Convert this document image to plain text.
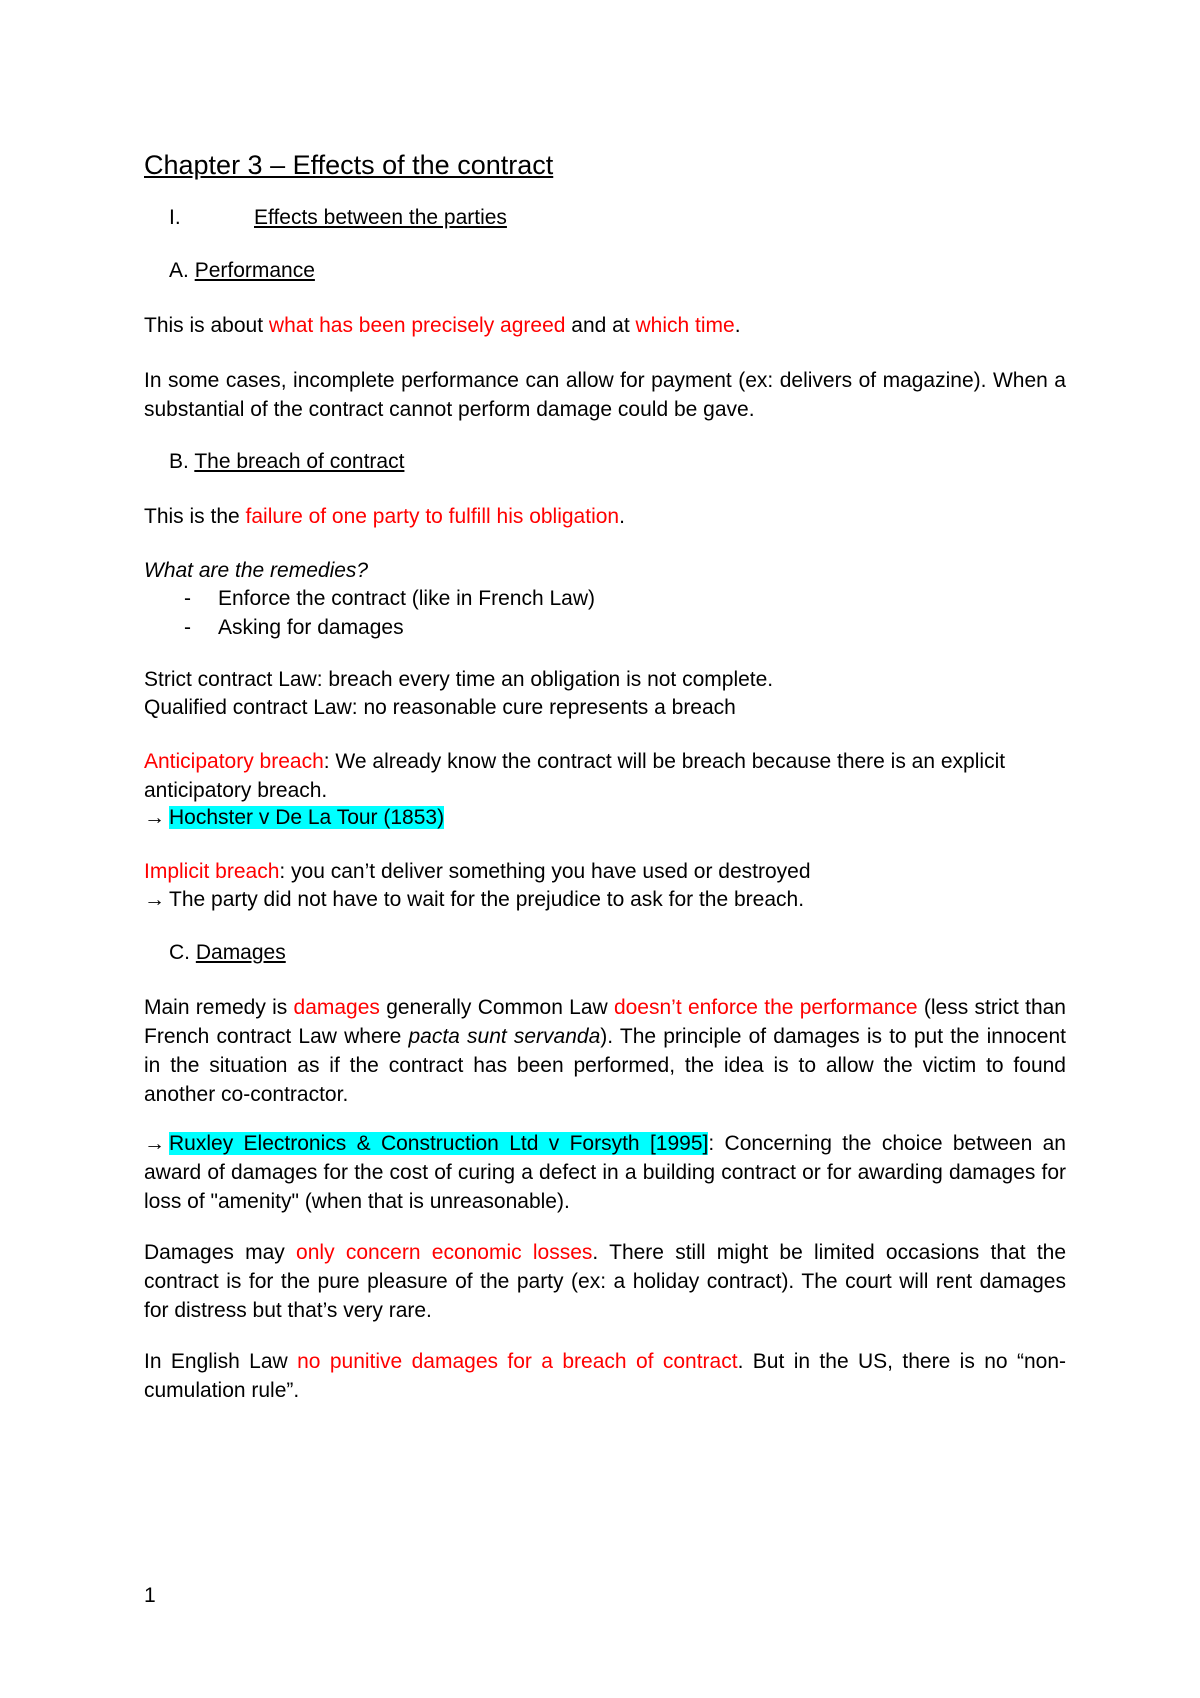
Chapter 3 – Effects of the contract
I.	Effects between the parties
A. Performance

This is about what has been precisely agreed and at which time.

In some cases, incomplete performance can allow for payment (ex: delivers of magazine). When a substantial of the contract cannot perform damage could be gave.

B. The breach of contract

This is the failure of one party to fulfill his obligation.

What are the remedies?

- Enforce the contract (like in French Law)
- Asking for damages

Strict contract Law: breach every time an obligation is not complete.

Qualified contract Law: no reasonable cure represents a breach

Anticipatory breach: We already know the contract will be breach because there is an explicit anticipatory breach.

→ Hochster v De La Tour (1853)

Implicit breach: you can’t deliver something you have used or destroyed

→ The party did not have to wait for the prejudice to ask for the breach.

C. Damages

Main remedy is damages generally Common Law doesn’t enforce the performance (less strict than French contract Law where pacta sunt servanda). The principle of damages is to put the innocent in the situation as if the contract has been performed, the idea is to allow the victim to found another co-contractor.

→ Ruxley Electronics & Construction Ltd v Forsyth [1995]: Concerning the choice between an award of damages for the cost of curing a defect in a building contract or for awarding damages for loss of "amenity" (when that is unreasonable).

Damages may only concern economic losses. There still might be limited occasions that the contract is for the pure pleasure of the party (ex: a holiday contract). The court will rent damages for distress but that’s very rare.

In English Law no punitive damages for a breach of contract. But in the US, there is no “non-cumulation rule”.

1
